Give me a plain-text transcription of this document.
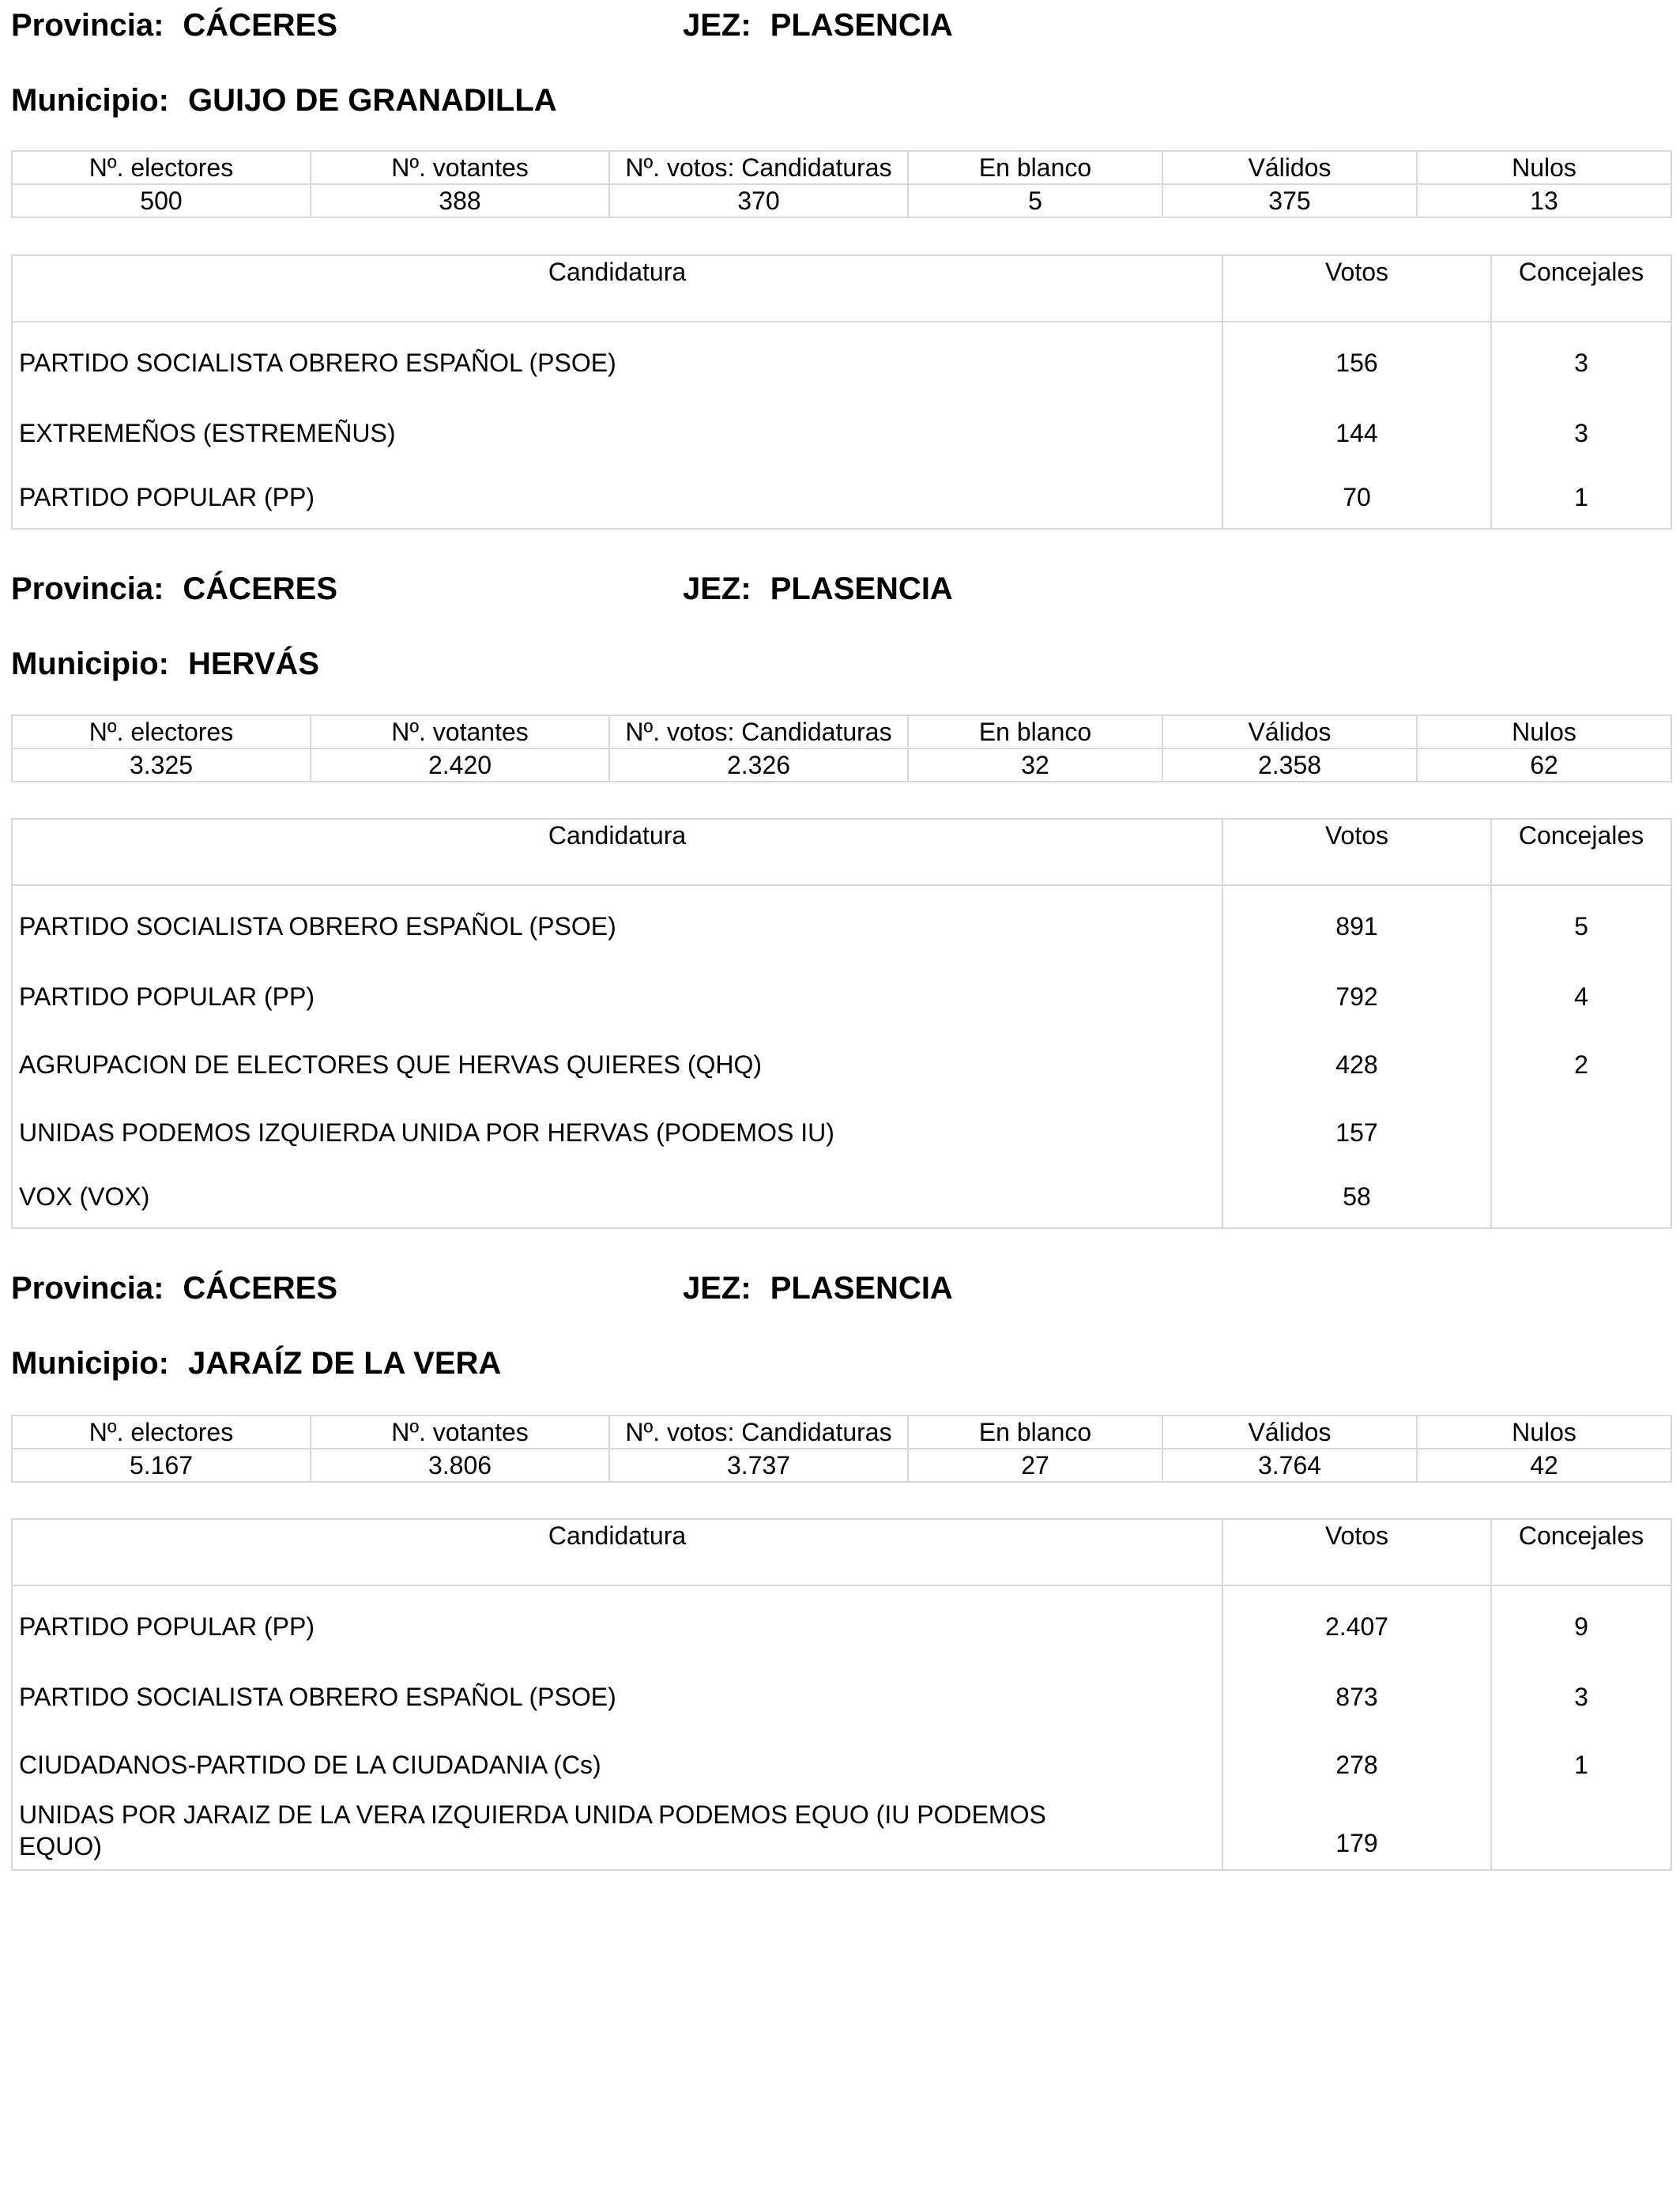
Provincia: CÁCERES	JEZ: PLASENCIA
Municipio: GUIJO DE GRANADILLA
Nº. electores	Nº. votantes	Nº. votos: Candidaturas	En blanco	Válidos	Nulos
500	388	370	5	375	13
Candidatura	Votos	Concejales
PARTIDO SOCIALISTA OBRERO ESPAÑOL (PSOE)	156	3
EXTREMEÑOS (ESTREMEÑUS)	144	3
PARTIDO POPULAR (PP)	70	1
Provincia: CÁCERES	JEZ: PLASENCIA
Municipio: HERVÁS
Nº. electores	Nº. votantes	Nº. votos: Candidaturas	En blanco	Válidos	Nulos
3.325	2.420	2.326	32	2.358	62
Candidatura	Votos	Concejales
PARTIDO SOCIALISTA OBRERO ESPAÑOL (PSOE)	891	5
PARTIDO POPULAR (PP)	792	4
AGRUPACION DE ELECTORES QUE HERVAS QUIERES (QHQ)	428	2
UNIDAS PODEMOS IZQUIERDA UNIDA POR HERVAS (PODEMOS IU)	157	
VOX (VOX)	58	
Provincia: CÁCERES	JEZ: PLASENCIA
Municipio: JARAÍZ DE LA VERA
Nº. electores	Nº. votantes	Nº. votos: Candidaturas	En blanco	Válidos	Nulos
5.167	3.806	3.737	27	3.764	42
Candidatura	Votos	Concejales
PARTIDO POPULAR (PP)	2.407	9
PARTIDO SOCIALISTA OBRERO ESPAÑOL (PSOE)	873	3
CIUDADANOS-PARTIDO DE LA CIUDADANIA (Cs)	278	1
UNIDAS POR JARAIZ DE LA VERA IZQUIERDA UNIDA PODEMOS EQUO (IU PODEMOS EQUO)	179	
